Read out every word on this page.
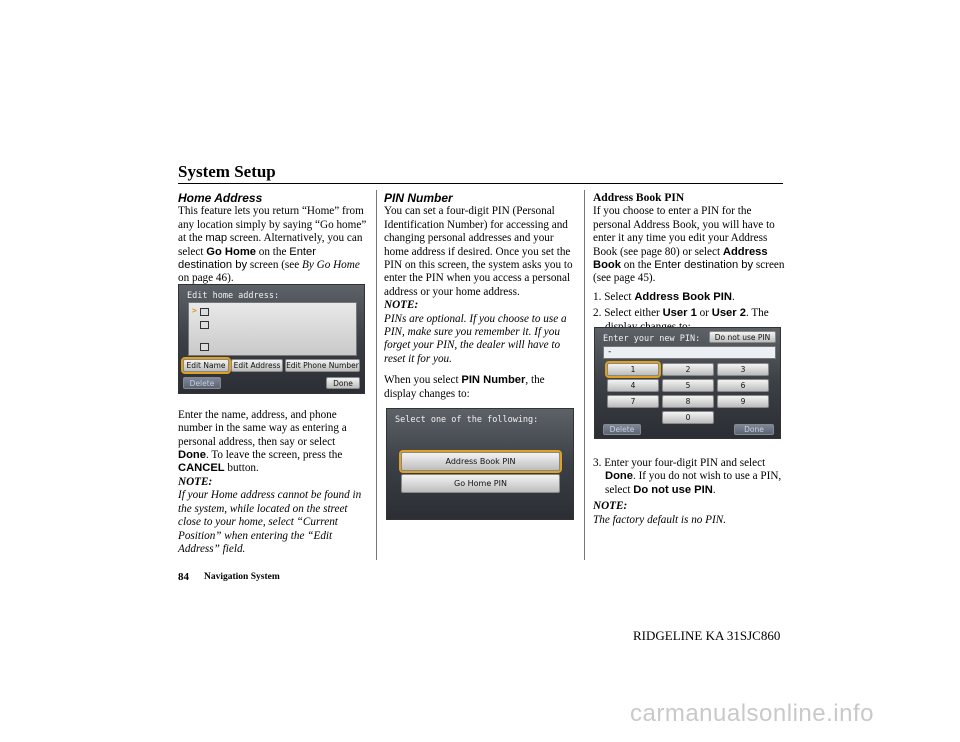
System Setup

Home Address

This feature lets you return “Home” from any location simply by saying “Go home” at the map screen. Alternatively, you can select Go Home on the Enter destination by screen (see By Go Home on page 46).

Enter the name, address, and phone number in the same way as entering a personal address, then say or select Done. To leave the screen, press the CANCEL button.

NOTE:

If your Home address cannot be found in the system, while located on the street close to your home, select “Current Position” when entering the “Edit Address” field.

Edit home address:
>
Edit Name	Edit Address Edit Phone Number
Delete	Done

PIN Number

You can set a four-digit PIN (Personal Identification Number) for accessing and changing personal addresses and your home address if desired. Once you set the PIN on this screen, the system asks you to enter the PIN when you access a personal address or your home address.

NOTE:

PINs are optional. If you choose to use a PIN, make sure you remember it. If you forget your PIN, the dealer will have to reset it for you.

When you select PIN Number, the display changes to:

Select one of the following:
Address Book PIN
Go Home PIN

Address Book PIN

If you choose to enter a PIN for the personal Address Book, you will have to enter it any time you edit your Address Book (see page 80) or select Address Book on the Enter destination by screen (see page 45).

1. Select Address Book PIN.
2. Select either User 1 or User 2. The
3. Enter your four-digit PIN and select Done. If you do not wish to use a PIN, select Do not use PIN.

NOTE:

The factory default is no PIN.

Enter your new PIN:	Do not use PIN
-
1	2	3
4	5	6
7	8	9
0
Delete	Done
84 Navigation System
RIDGELINE KA 31SJC860
carmanualsonline.info
